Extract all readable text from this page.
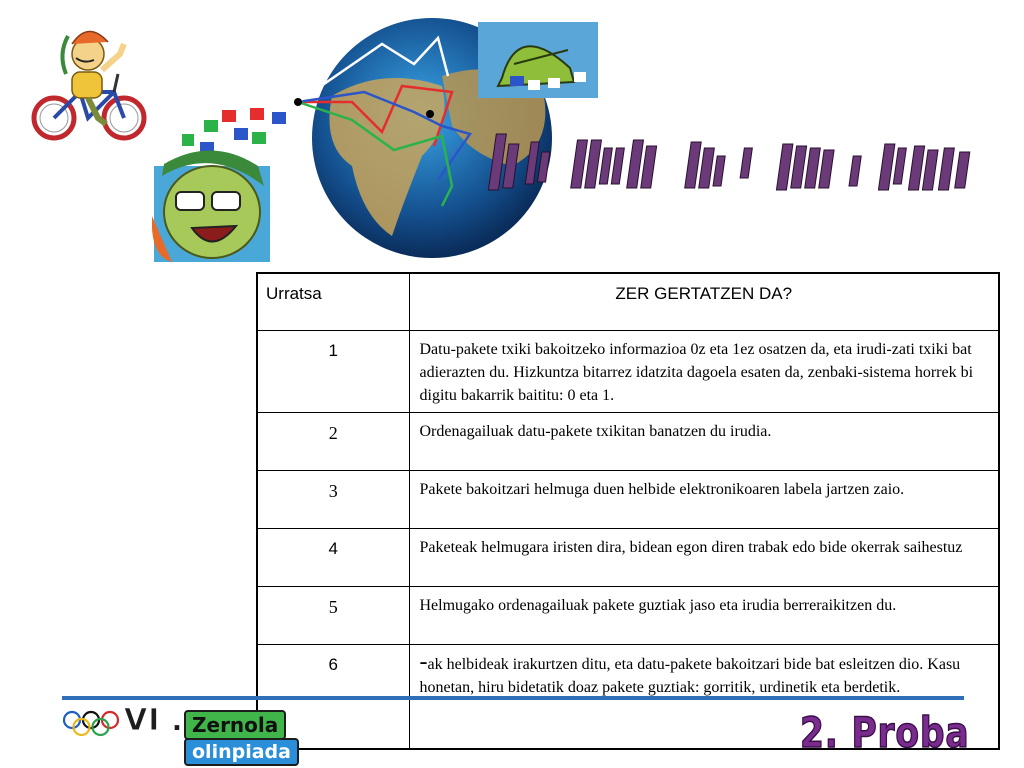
Urratsa	ZER GERTATZEN DA?
1	Datu-pakete txiki bakoitzeko informazioa 0z eta 1ez osatzen da, eta irudi-zati txiki bat adierazten du. Hizkuntza bitarrez idatzita dagoela esaten da, zenbaki-sistema horrek bi digitu bakarrik baititu: 0 eta 1.
2	Ordenagailuak datu-pakete txikitan banatzen du irudia.
3	Pakete bakoitzari helmuga duen helbide elektronikoaren labela jartzen zaio.
4	Paketeak helmugara iristen dira, bidean egon diren trabak edo bide okerrak saihestuz
5	Helmugako ordenagailuak pakete guztiak jaso eta irudia berreraikitzen du.
6	-ak helbideak irakurtzen ditu, eta datu-pakete bakoitzari bide bat esleitzen dio. Kasu honetan, hiru bidetatik doaz pakete guztiak: gorritik, urdinetik eta berdetik.
VI . Zernola
olinpiada	2. Proba
